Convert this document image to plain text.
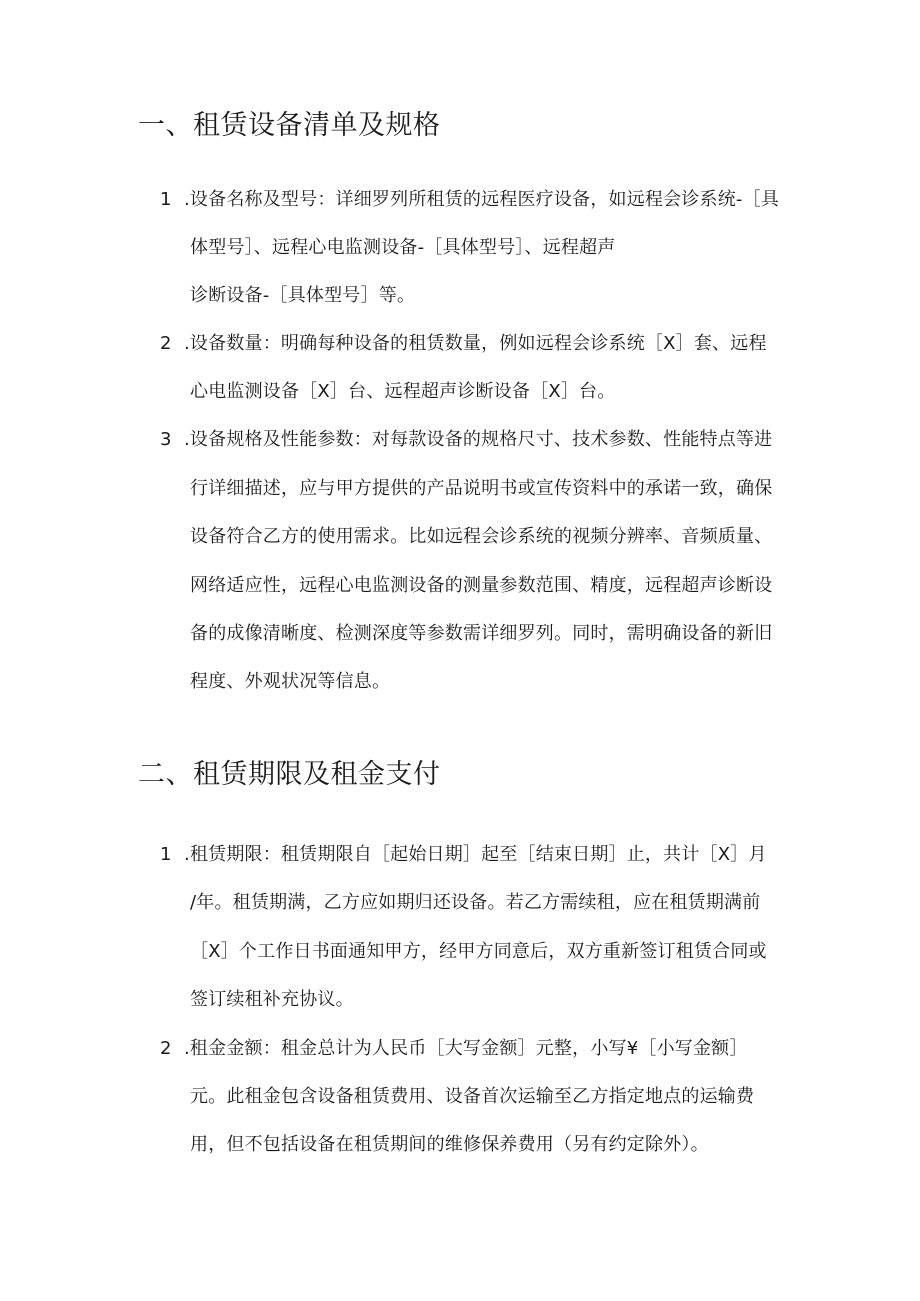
一、租赁设备清单及规格
1 .设备名称及型号：详细罗列所租赁的远程医疗设备，如远程会诊系统-［具
体型号］、远程心电监测设备-［具体型号］、远程超声
诊断设备-［具体型号］等。
2 .设备数量：明确每种设备的租赁数量，例如远程会诊系统［X］套、远程
心电监测设备［X］台、远程超声诊断设备［X］台。
3 .设备规格及性能参数：对每款设备的规格尺寸、技术参数、性能特点等进
行详细描述，应与甲方提供的产品说明书或宣传资料中的承诺一致，确保
设备符合乙方的使用需求。比如远程会诊系统的视频分辨率、音频质量、
网络适应性，远程心电监测设备的测量参数范围、精度，远程超声诊断设
备的成像清晰度、检测深度等参数需详细罗列。同时，需明确设备的新旧
程度、外观状况等信息。
二、租赁期限及租金支付
1 .租赁期限：租赁期限自［起始日期］起至［结束日期］止，共计［X］月
/年。租赁期满，乙方应如期归还设备。若乙方需续租，应在租赁期满前
［X］个工作日书面通知甲方，经甲方同意后，双方重新签订租赁合同或
签订续租补充协议。
2 .租金金额：租金总计为人民币［大写金额］元整，小写¥［小写金额］
元。此租金包含设备租赁费用、设备首次运输至乙方指定地点的运输费
用，但不包括设备在租赁期间的维修保养费用（另有约定除外）。
